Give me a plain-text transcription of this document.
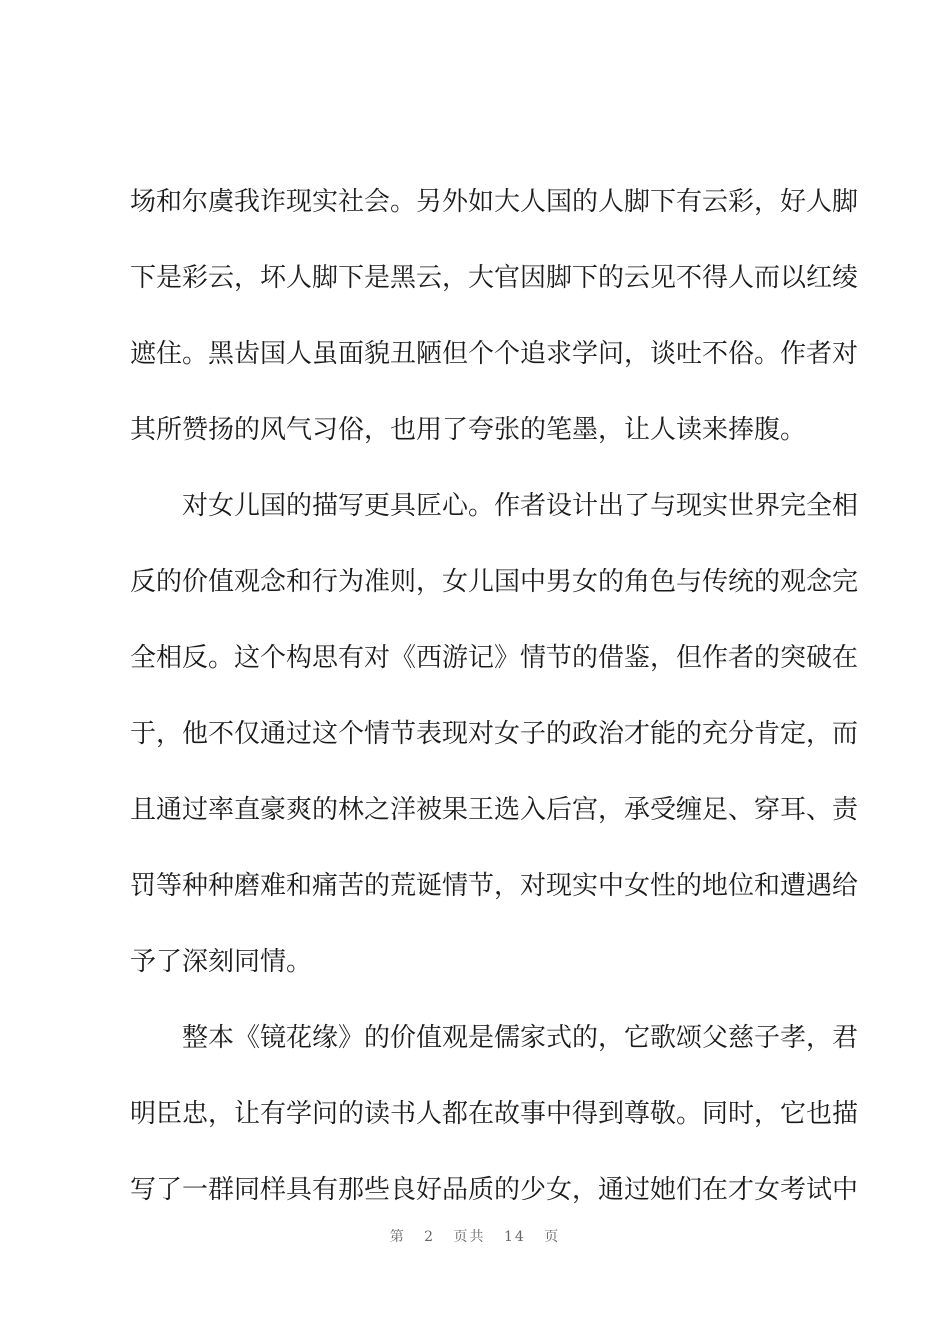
场和尔虞我诈现实社会。另外如大人国的人脚下有云彩，好人脚
下是彩云，坏人脚下是黑云，大官因脚下的云见不得人而以红绫
遮住。黑齿国人虽面貌丑陋但个个追求学问，谈吐不俗。作者对
其所赞扬的风气习俗，也用了夸张的笔墨，让人读来捧腹。
　　对女儿国的描写更具匠心。作者设计出了与现实世界完全相
反的价值观念和行为准则，女儿国中男女的角色与传统的观念完
全相反。这个构思有对《西游记》情节的借鉴，但作者的突破在
于，他不仅通过这个情节表现对女子的政治才能的充分肯定，而
且通过率直豪爽的林之洋被果王选入后宫，承受缠足、穿耳、责
罚等种种磨难和痛苦的荒诞情节，对现实中女性的地位和遭遇给
予了深刻同情。
　　整本《镜花缘》的价值观是儒家式的，它歌颂父慈子孝，君
明臣忠，让有学问的读书人都在故事中得到尊敬。同时，它也描
写了一群同样具有那些良好品质的少女，通过她们在才女考试中
第 2 页共 14 页
